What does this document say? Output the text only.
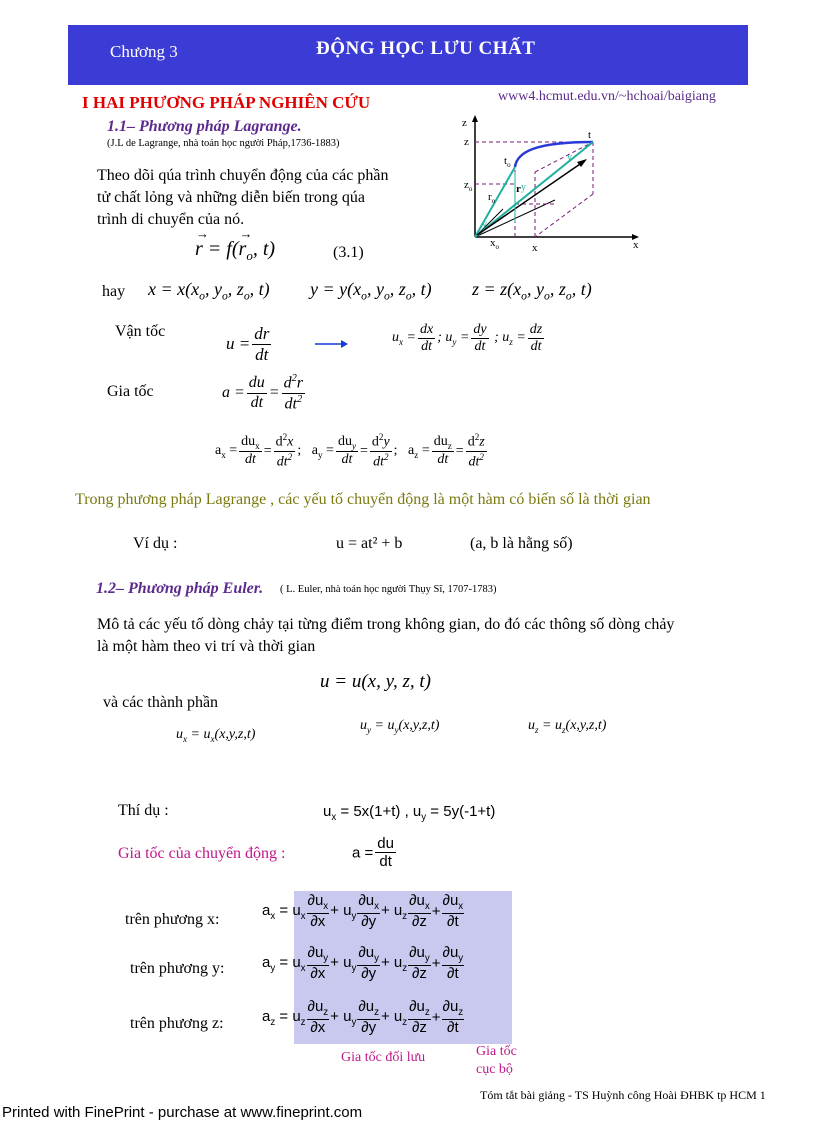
Chương 3	ĐỘNG HỌC LƯU CHẤT
www4.hcmut.edu.vn/~hchoai/baigiang
I HAI PHƯƠNG PHÁP NGHIÊN CỨU
1.1– Phương pháp Lagrange.
(J.L de Lagrange, nhà toán học người Pháp,1736-1883)
Theo dõi qúa trình chuyển động của các phần
tử chất lỏng và những diễn biến trong qúa
trình di chuyển của nó.
z
z
$z_o$
t
$t_o$
r
$r_o$
x
x
$x_o$
y
y
y
r
→
= f(r
→
$_o$, t)	(3.1)
hay $x = x(x_o$, $y_o$, $z_o$, t) $y = y(x_o$, $y_o$, $z_o$, t) $z = z(x_o$, $y_o$, $z_o$, t)
Vận tốc
$u = \frac{dr}{dt}$	$u_x = \frac{dx}{dt}$ ; $u_y = \frac{dy}{dt}$ ; $u_z = \frac{dz}{dt}$
Gia tốc	$a = \frac{du}{dt} = \frac{d^2r}{dt^2}$
$a_x = \frac{du_x}{dt} = \frac{d^2x}{dt^2}$ ;   $a_y = \frac{du_y}{dt} = \frac{d^2y}{dt^2}$ ;   $a_z = \frac{du_z}{dt} = \frac{d^2z}{dt^2}$
Trong phương pháp Lagrange , các yếu tố chuyển động là một hàm có biến số là thời gian
Ví dụ :	u = at² + b	(a, b là hằng số)
1.2– Phương pháp Euler. ( L. Euler, nhà toán học người Thụy Sĩ, 1707-1783)
Mô tả các yếu tố dòng chảy tại từng điểm trong không gian, do đó các thông số dòng chảy
là một hàm theo vi trí và thời gian
u = u(x, y, z, t)
và các thành phần
$u_x = u_x(x,y,z,t)$
$u_y = u_y(x,y,z,t)$	$u_z = u_z(x,y,z,t)$
Thí dụ :	$u_x = 5x(1+t)$ , $u_y = 5y(-1+t)$
Gia tốc của chuyển động :	$a = \frac{du}{dt}$
trên phương x:
trên phương y:
trên phương z:
$a_x = u_x \frac{\partial u_x}{\partial x} + u_y \frac{\partial u_x}{\partial y} + u_z \frac{\partial u_x}{\partial z} + \frac{\partial u_x}{\partial t}$
$a_y = u_x \frac{\partial u_y}{\partial x} + u_y \frac{\partial u_y}{\partial y} + u_z \frac{\partial u_y}{\partial z} + \frac{\partial u_y}{\partial t}$
$a_z = u_z \frac{\partial u_z}{\partial x} + u_y \frac{\partial u_z}{\partial y} + u_z \frac{\partial u_z}{\partial z} + \frac{\partial u_z}{\partial t}$
Gia tốc đối lưu	Gia tốc
cục bộ
Tóm tắt bài giảng - TS Huỳnh công Hoài ĐHBK tp HCM 1
Printed with FinePrint - purchase at www.fineprint.com
